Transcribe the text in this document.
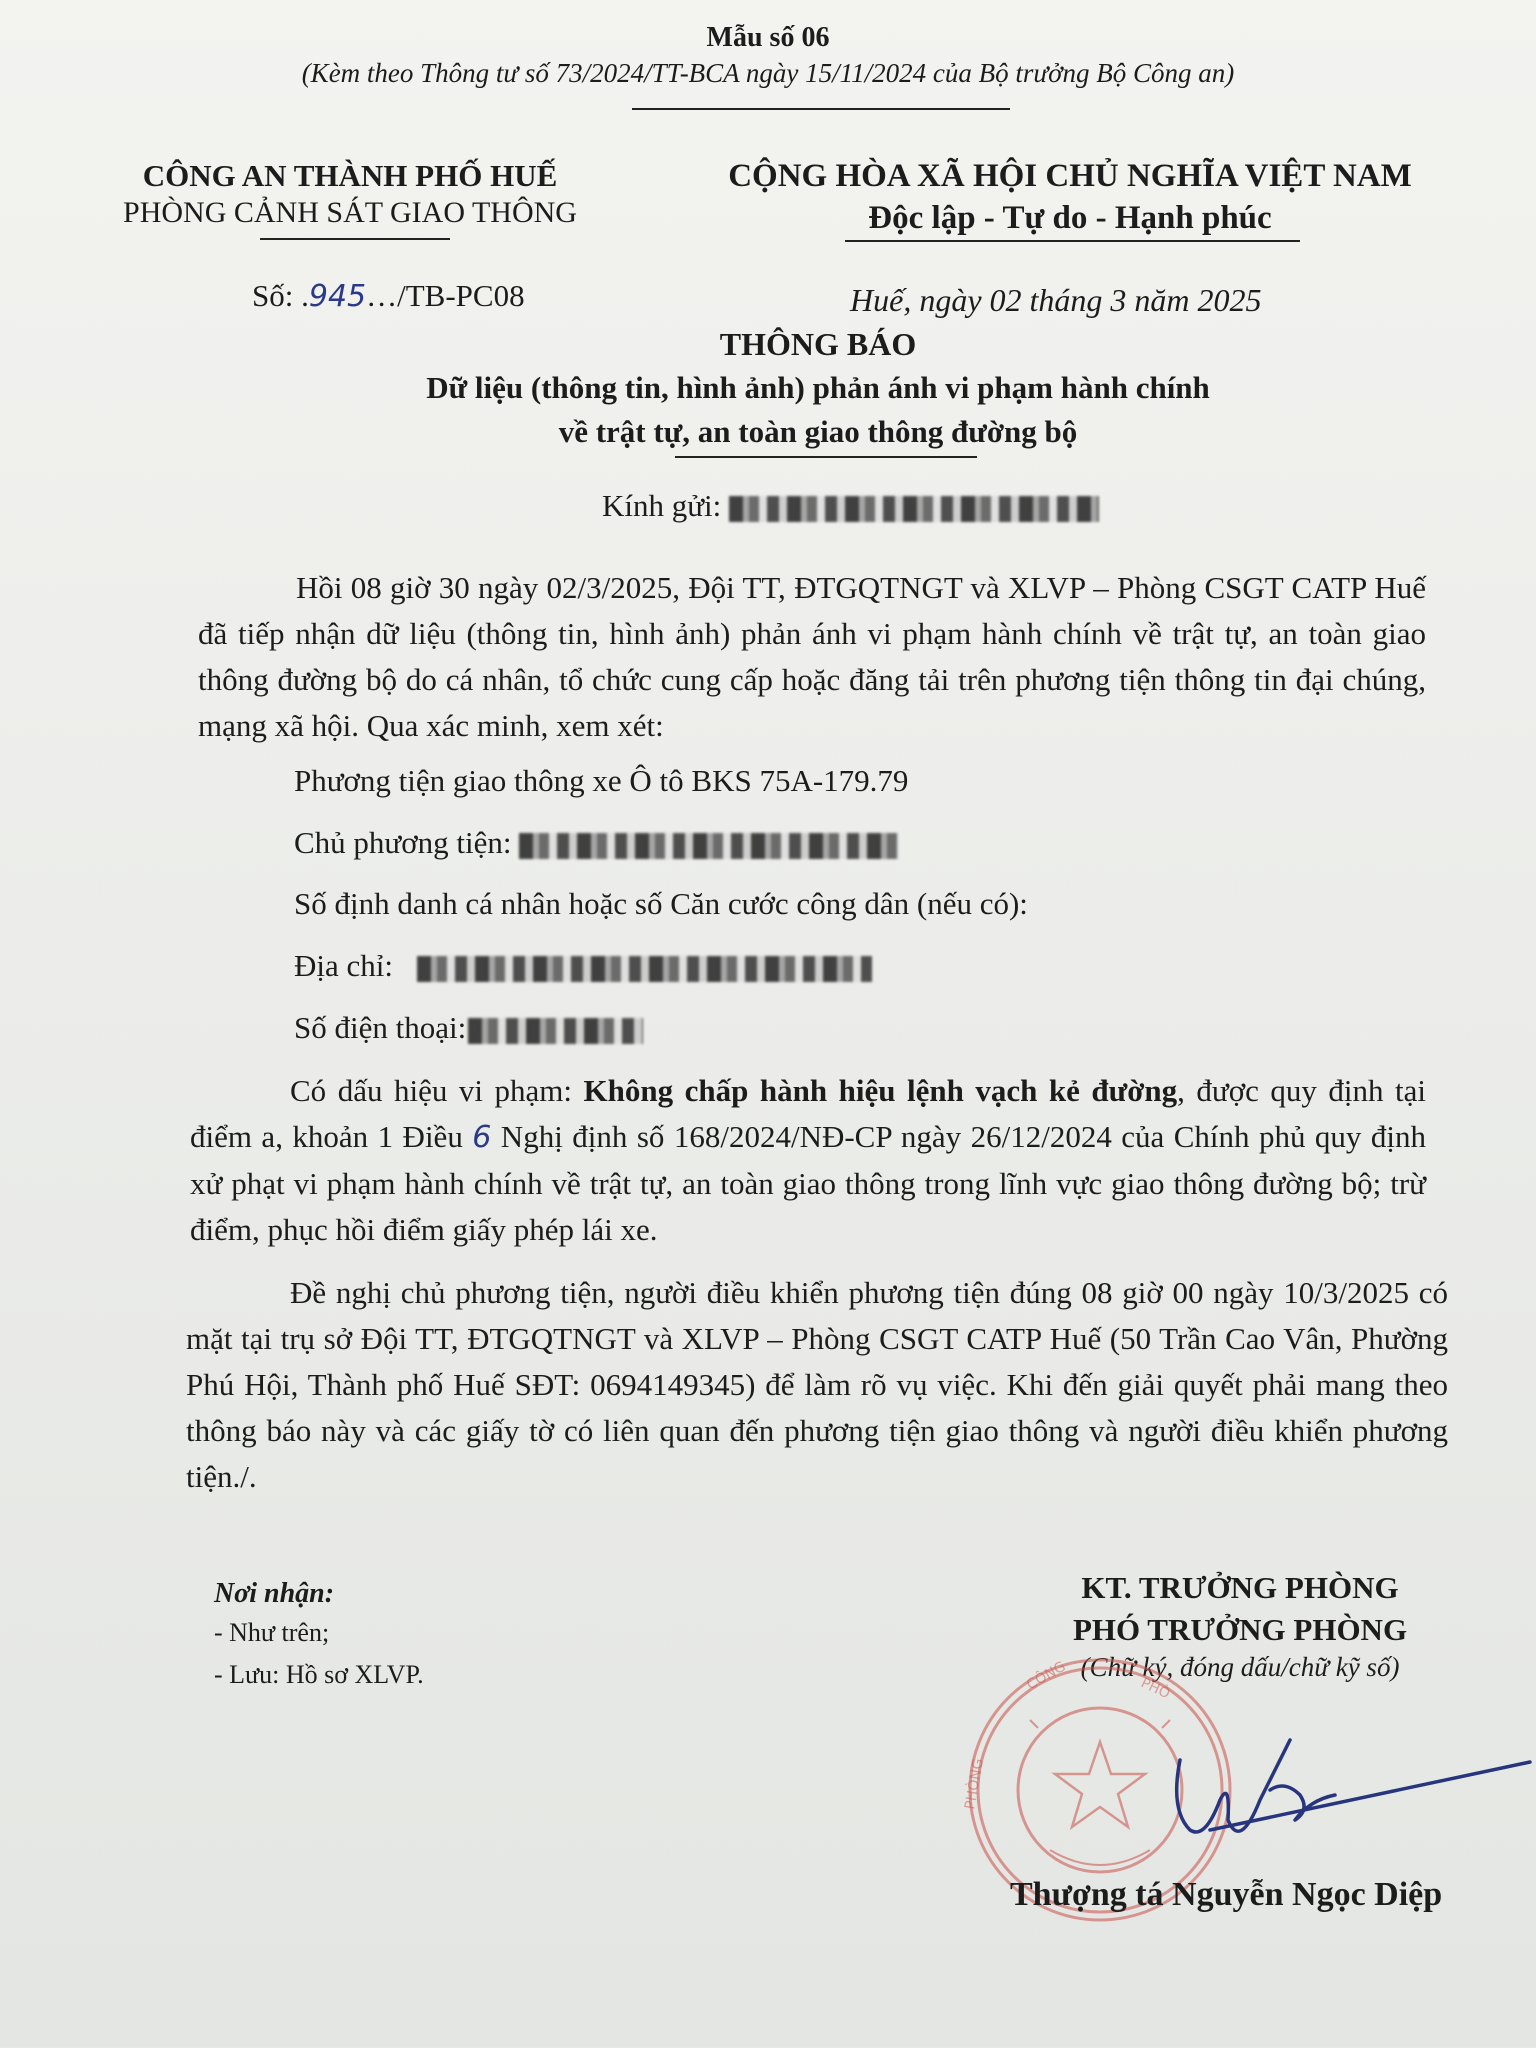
Mẫu số 06
(Kèm theo Thông tư số 73/2024/TT-BCA ngày 15/11/2024 của Bộ trưởng Bộ Công an)
CÔNG AN THÀNH PHỐ HUẾ
PHÒNG CẢNH SÁT GIAO THÔNG
Số: .945…/TB-PC08
CỘNG HÒA XÃ HỘI CHỦ NGHĨA VIỆT NAM
Độc lập - Tự do - Hạnh phúc
Huế, ngày 02 tháng 3 năm 2025
THÔNG BÁO
Dữ liệu (thông tin, hình ảnh) phản ánh vi phạm hành chính
về trật tự, an toàn giao thông đường bộ
Kính gửi:
Hồi 08 giờ 30 ngày 02/3/2025, Đội TT, ĐTGQTNGT và XLVP – Phòng CSGT CATP Huế đã tiếp nhận dữ liệu (thông tin, hình ảnh) phản ánh vi phạm hành chính về trật tự, an toàn giao thông đường bộ do cá nhân, tổ chức cung cấp hoặc đăng tải trên phương tiện thông tin đại chúng, mạng xã hội. Qua xác minh, xem xét:
Phương tiện giao thông xe Ô tô BKS 75A-179.79
Chủ phương tiện:
Số định danh cá nhân hoặc số Căn cước công dân (nếu có):
Địa chỉ:
Số điện thoại:
Có dấu hiệu vi phạm: Không chấp hành hiệu lệnh vạch kẻ đường, được quy định tại điểm a, khoản 1 Điều 6 Nghị định số 168/2024/NĐ-CP ngày 26/12/2024 của Chính phủ quy định xử phạt vi phạm hành chính về trật tự, an toàn giao thông trong lĩnh vực giao thông đường bộ; trừ điểm, phục hồi điểm giấy phép lái xe.
Đề nghị chủ phương tiện, người điều khiển phương tiện đúng 08 giờ 00 ngày 10/3/2025 có mặt tại trụ sở Đội TT, ĐTGQTNGT và XLVP – Phòng CSGT CATP Huế (50 Trần Cao Vân, Phường Phú Hội, Thành phố Huế SĐT: 0694149345) để làm rõ vụ việc. Khi đến giải quyết phải mang theo thông báo này và các giấy tờ có liên quan đến phương tiện giao thông và người điều khiển phương tiện./.
Nơi nhận:
- Như trên;
- Lưu: Hồ sơ XLVP.
KT. TRƯỞNG PHÒNG
PHÓ TRƯỞNG PHÒNG
(Chữ ký, đóng dấu/chữ kỹ số)
CÔNG	PHÒ
PHÒNG
Thượng tá Nguyễn Ngọc Diệp
